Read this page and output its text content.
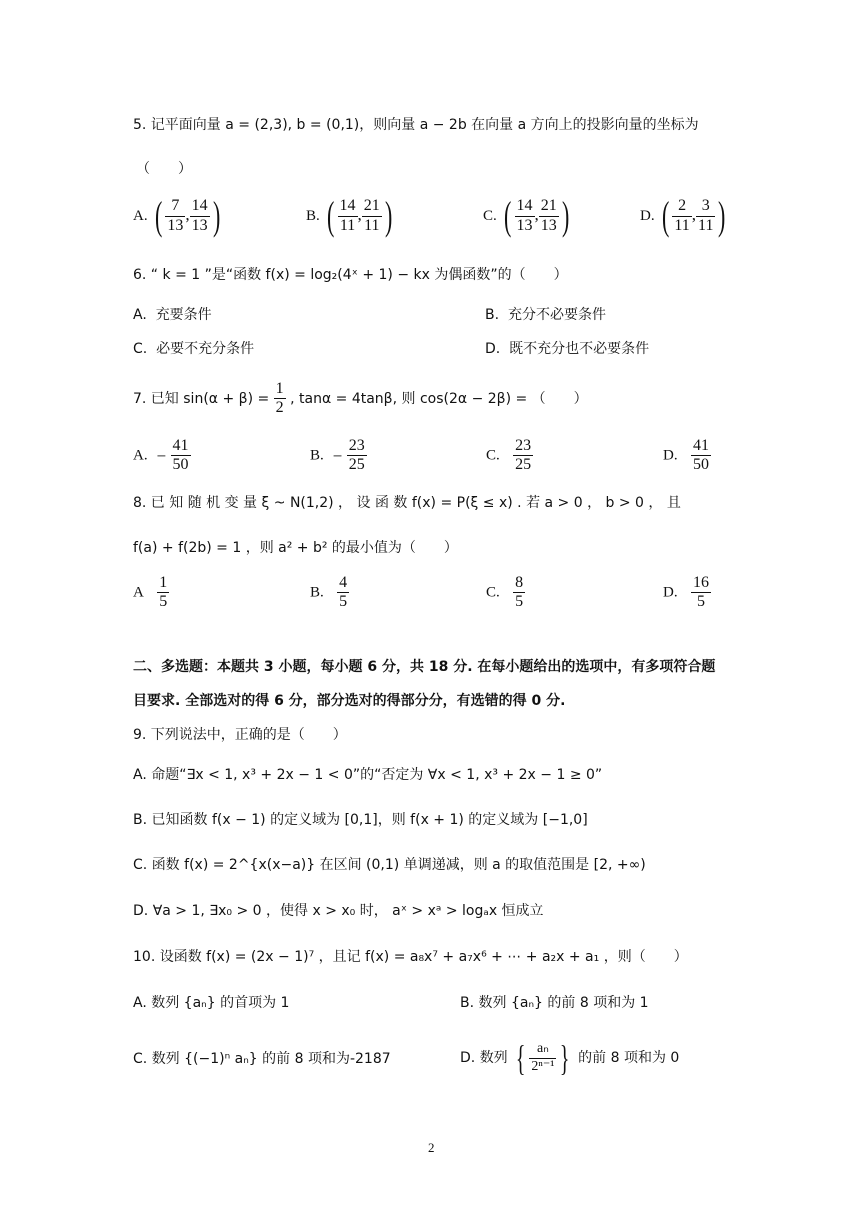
5. 记平面向量 a = (2,3), b = (0,1)，则向量 a − 2b 在向量 a 方向上的投影向量的坐标为
（　　）
A. ( $\frac{7}{13}$ , $\frac{14}{13}$ )	B. ( $\frac{14}{11}$ , $\frac{21}{11}$ )	C. ( $\frac{14}{13}$ , $\frac{21}{13}$ )	D. ( $\frac{2}{11}$ , $\frac{3}{11}$ )
6. “ k = 1 ”是“函数 f(x) = log₂(4ˣ + 1) − kx 为偶函数”的（　　）
A. 充要条件	B. 充分不必要条件
C. 必要不充分条件	D. 既不充分也不必要条件
7. 已知 $\sin(\alpha + \beta) = \frac{1}{2}$ , tanα = 4tanβ, 则 cos(2α − 2β) = （　　）
A. − $\frac{41}{50}$	B. − $\frac{23}{25}$	C. $\frac{23}{25}$	D. $\frac{41}{50}$
8. 已 知 随 机 变 量 ξ ~ N(1,2) ， 设 函 数 f(x) = P(ξ ≤ x) . 若 a > 0 ， b > 0 ， 且
f(a) + f(2b) = 1 ，则 a² + b² 的最小值为（　　）
A $\frac{1}{5}$	B. $\frac{4}{5}$	C. $\frac{8}{5}$	D. $\frac{16}{5}$
二、多选题：本题共 3 小题，每小题 6 分，共 18 分. 在每小题给出的选项中，有多项符合题
目要求. 全部选对的得 6 分，部分选对的得部分分，有选错的得 0 分.
9. 下列说法中，正确的是（　　）
A. 命题“∃x < 1, x³ + 2x − 1 < 0”的“否定为 ∀x < 1, x³ + 2x − 1 ≥ 0”
B. 已知函数 f(x − 1) 的定义域为 [0,1]，则 f(x + 1) 的定义域为 [−1,0]
C. 函数 f(x) = 2^{x(x−a)} 在区间 (0,1) 单调递减，则 a 的取值范围是 [2, +∞)
D. ∀a > 1, ∃x₀ > 0 ，使得 x > x₀ 时， aˣ > xᵃ > logₐx 恒成立
10. 设函数 f(x) = (2x − 1)⁷ ，且记 f(x) = a₈x⁷ + a₇x⁶ + ⋯ + a₂x + a₁ ，则（　　）
A. 数列 {aₙ} 的首项为 1	B. 数列 {aₙ} 的前 8 项和为 1
C. 数列 {(−1)ⁿ aₙ} 的前 8 项和为-2187	D. 数列 { $\frac{\text{aₙ}}{\text{2ⁿ⁻¹}}$ } 的前 8 项和为 0
2
